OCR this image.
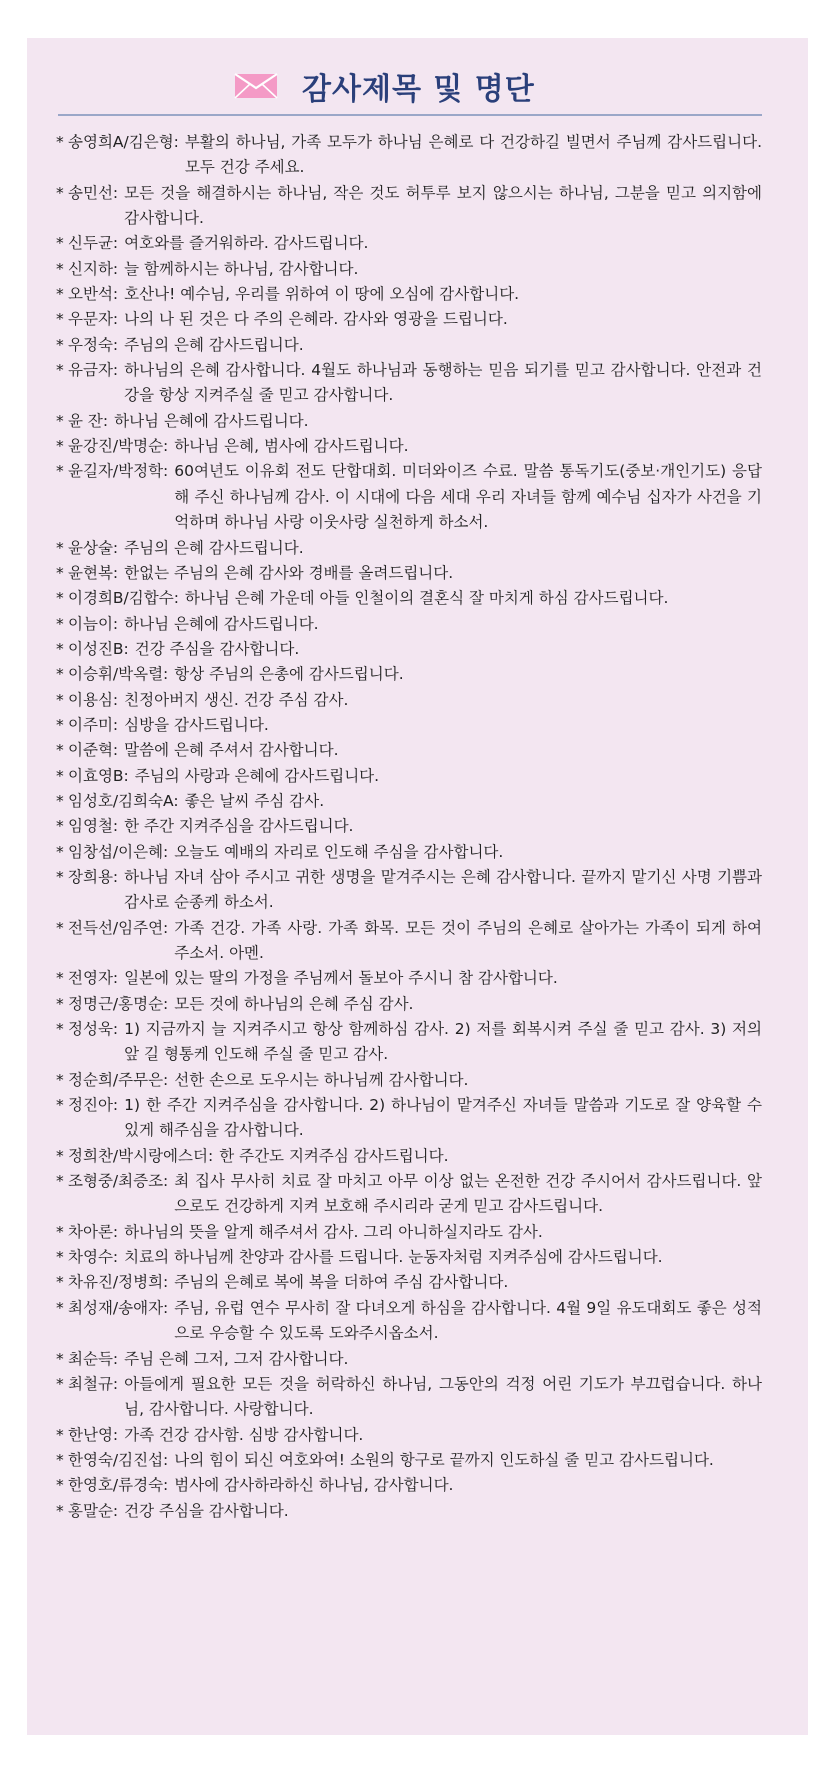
감사제목 및 명단
* 송영희A/김은형: 부활의 하나님, 가족 모두가 하나님 은혜로 다 건강하길 빌면서 주님께 감사드립니다. 모두 건강 주세요.
* 송민선: 모든 것을 해결하시는 하나님, 작은 것도 허투루 보지 않으시는 하나님, 그분을 믿고 의지함에 감사합니다.
* 신두균: 여호와를 즐거워하라. 감사드립니다.
* 신지하: 늘 함께하시는 하나님, 감사합니다.
* 오반석: 호산나! 예수님, 우리를 위하여 이 땅에 오심에 감사합니다.
* 우문자: 나의 나 된 것은 다 주의 은혜라. 감사와 영광을 드립니다.
* 우정숙: 주님의 은혜 감사드립니다.
* 유금자: 하나님의 은혜 감사합니다. 4월도 하나님과 동행하는 믿음 되기를 믿고 감사합니다. 안전과 건강을 항상 지켜주실 줄 믿고 감사합니다.
* 윤 잔: 하나님 은혜에 감사드립니다.
* 윤강진/박명순: 하나님 은혜, 범사에 감사드립니다.
* 윤길자/박정학: 60여년도 이유회 전도 단합대회. 미더와이즈 수료. 말씀 통독기도(중보·개인기도) 응답해 주신 하나님께 감사. 이 시대에 다음 세대 우리 자녀들 함께 예수님 십자가 사건을 기억하며 하나님 사랑 이웃사랑 실천하게 하소서.
* 윤상술: 주님의 은혜 감사드립니다.
* 윤현복: 한없는 주님의 은혜 감사와 경배를 올려드립니다.
* 이경희B/김합수: 하나님 은혜 가운데 아들 인철이의 결혼식 잘 마치게 하심 감사드립니다.
* 이늠이: 하나님 은혜에 감사드립니다.
* 이성진B: 건강 주심을 감사합니다.
* 이승휘/박옥렬: 항상 주님의 은총에 감사드립니다.
* 이용심: 친정아버지 생신. 건강 주심 감사.
* 이주미: 심방을 감사드립니다.
* 이준혁: 말씀에 은혜 주셔서 감사합니다.
* 이효영B: 주님의 사랑과 은혜에 감사드립니다.
* 임성호/김희숙A: 좋은 날씨 주심 감사.
* 임영철: 한 주간 지켜주심을 감사드립니다.
* 임창섭/이은혜: 오늘도 예배의 자리로 인도해 주심을 감사합니다.
* 장희용: 하나님 자녀 삼아 주시고 귀한 생명을 맡겨주시는 은혜 감사합니다. 끝까지 맡기신 사명 기쁨과 감사로 순종케 하소서.
* 전득선/임주연: 가족 건강. 가족 사랑. 가족 화목. 모든 것이 주님의 은혜로 살아가는 가족이 되게 하여 주소서. 아멘.
* 전영자: 일본에 있는 딸의 가정을 주님께서 돌보아 주시니 참 감사합니다.
* 정명근/홍명순: 모든 것에 하나님의 은혜 주심 감사.
* 정성욱: 1) 지금까지 늘 지켜주시고 항상 함께하심 감사. 2) 저를 회복시켜 주실 줄 믿고 감사. 3) 저의 앞 길 형통케 인도해 주실 줄 믿고 감사.
* 정순희/주무은: 선한 손으로 도우시는 하나님께 감사합니다.
* 정진아: 1) 한 주간 지켜주심을 감사합니다. 2) 하나님이 맡겨주신 자녀들 말씀과 기도로 잘 양육할 수 있게 해주심을 감사합니다.
* 정희찬/박시랑에스더: 한 주간도 지켜주심 감사드립니다.
* 조형중/최증조: 최 집사 무사히 치료 잘 마치고 아무 이상 없는 온전한 건강 주시어서 감사드립니다. 앞으로도 건강하게 지켜 보호해 주시리라 굳게 믿고 감사드립니다.
* 차아론: 하나님의 뜻을 알게 해주셔서 감사. 그리 아니하실지라도 감사.
* 차영수: 치료의 하나님께 찬양과 감사를 드립니다. 눈동자처럼 지켜주심에 감사드립니다.
* 차유진/정병희: 주님의 은혜로 복에 복을 더하여 주심 감사합니다.
* 최성재/송애자: 주님, 유럽 연수 무사히 잘 다녀오게 하심을 감사합니다. 4월 9일 유도대회도 좋은 성적으로 우승할 수 있도록 도와주시옵소서.
* 최순득: 주님 은혜 그저, 그저 감사합니다.
* 최철규: 아들에게 필요한 모든 것을 허락하신 하나님, 그동안의 걱정 어린 기도가 부끄럽습니다. 하나님, 감사합니다. 사랑합니다.
* 한난영: 가족 건강 감사함. 심방 감사합니다.
* 한영숙/김진섭: 나의 힘이 되신 여호와여! 소원의 항구로 끝까지 인도하실 줄 믿고 감사드립니다.
* 한영호/류경숙: 범사에 감사하라하신 하나님, 감사합니다.
* 홍말순: 건강 주심을 감사합니다.
